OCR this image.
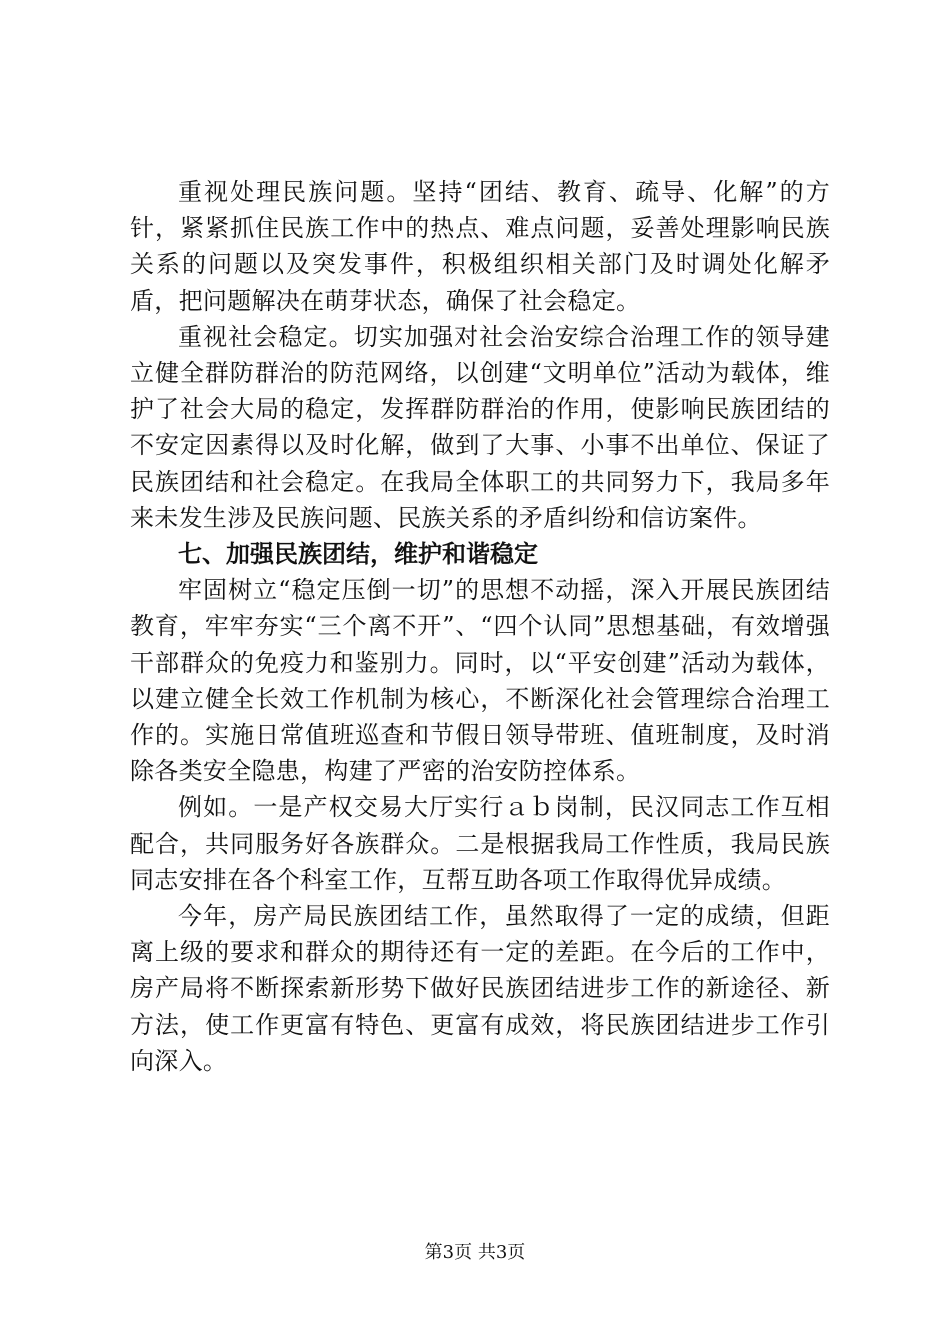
重视处理民族问题。坚持“团结、教育、疏导、化解”的方针，紧紧抓住民族工作中的热点、难点问题，妥善处理影响民族关系的问题以及突发事件，积极组织相关部门及时调处化解矛盾，把问题解决在萌芽状态，确保了社会稳定。

重视社会稳定。切实加强对社会治安综合治理工作的领导建立健全群防群治的防范网络，以创建“文明单位”活动为载体，维护了社会大局的稳定，发挥群防群治的作用，使影响民族团结的不安定因素得以及时化解，做到了大事、小事不出单位、保证了民族团结和社会稳定。在我局全体职工的共同努力下，我局多年来未发生涉及民族问题、民族关系的矛盾纠纷和信访案件。

七、加强民族团结，维护和谐稳定

牢固树立“稳定压倒一切”的思想不动摇，深入开展民族团结教育，牢牢夯实“三个离不开”、“四个认同”思想基础，有效增强干部群众的免疫力和鉴别力。同时，以“平安创建”活动为载体，以建立健全长效工作机制为核心，不断深化社会管理综合治理工作的。实施日常值班巡查和节假日领导带班、值班制度，及时消除各类安全隐患，构建了严密的治安防控体系。

例如。一是产权交易大厅实行ａｂ岗制，民汉同志工作互相配合，共同服务好各族群众。二是根据我局工作性质，我局民族同志安排在各个科室工作，互帮互助各项工作取得优异成绩。

今年，房产局民族团结工作，虽然取得了一定的成绩，但距离上级的要求和群众的期待还有一定的差距。在今后的工作中，房产局将不断探索新形势下做好民族团结进步工作的新途径、新方法，使工作更富有特色、更富有成效，将民族团结进步工作引向深入。

第3页 共3页
